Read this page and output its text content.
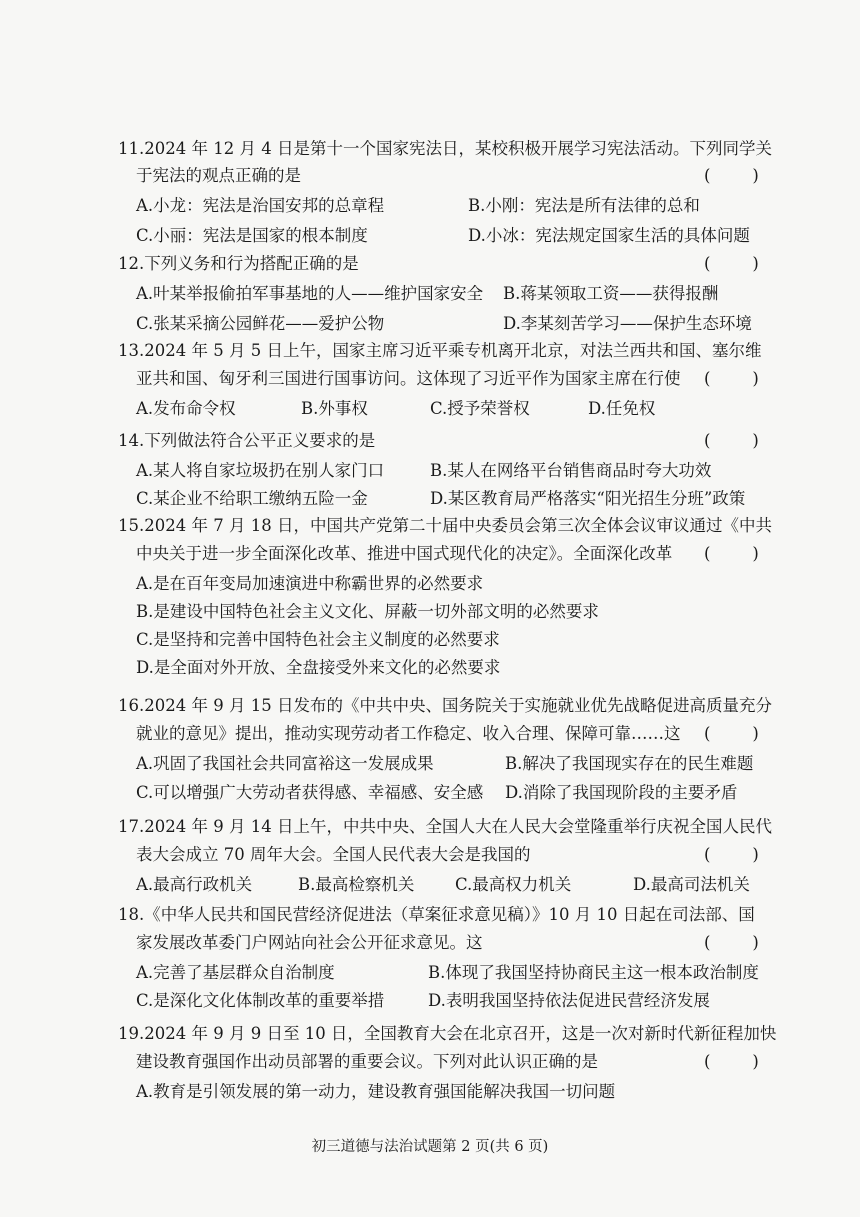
11.2024 年 12 月 4 日是第十一个国家宪法日，某校积极开展学习宪法活动。下列同学关
于宪法的观点正确的是	(        )
A.小龙：宪法是治国安邦的总章程	B.小刚：宪法是所有法律的总和
C.小丽：宪法是国家的根本制度	D.小冰：宪法规定国家生活的具体问题
12.下列义务和行为搭配正确的是	(        )
A.叶某举报偷拍军事基地的人——维护国家安全 B.蒋某领取工资——获得报酬
C.张某采摘公园鲜花——爱护公物	D.李某刻苦学习——保护生态环境
13.2024 年 5 月 5 日上午，国家主席习近平乘专机离开北京，对法兰西共和国、塞尔维
亚共和国、匈牙利三国进行国事访问。这体现了习近平作为国家主席在行使 (        )
A.发布命令权	B.外事权	C.授予荣誉权	D.任免权
14.下列做法符合公平正义要求的是	(        )
A.某人将自家垃圾扔在别人家门口	B.某人在网络平台销售商品时夸大功效
C.某企业不给职工缴纳五险一金	D.某区教育局严格落实“阳光招生分班”政策
15.2024 年 7 月 18 日，中国共产党第二十届中央委员会第三次全体会议审议通过《中共
中央关于进一步全面深化改革、推进中国式现代化的决定》。全面深化改革 (        )
A.是在百年变局加速演进中称霸世界的必然要求
B.是建设中国特色社会主义文化、屏蔽一切外部文明的必然要求
C.是坚持和完善中国特色社会主义制度的必然要求
D.是全面对外开放、全盘接受外来文化的必然要求
16.2024 年 9 月 15 日发布的《中共中央、国务院关于实施就业优先战略促进高质量充分
就业的意见》提出，推动实现劳动者工作稳定、收入合理、保障可靠……这 (        )
A.巩固了我国社会共同富裕这一发展成果	B.解决了我国现实存在的民生难题
C.可以增强广大劳动者获得感、幸福感、安全感 D.消除了我国现阶段的主要矛盾
17.2024 年 9 月 14 日上午，中共中央、全国人大在人民大会堂隆重举行庆祝全国人民代
表大会成立 70 周年大会。全国人民代表大会是我国的	(        )
A.最高行政机关	B.最高检察机关 C.最高权力机关	D.最高司法机关
18.《中华人民共和国民营经济促进法（草案征求意见稿）》10 月 10 日起在司法部、国
家发展改革委门户网站向社会公开征求意见。这	(        )
A.完善了基层群众自治制度	B.体现了我国坚持协商民主这一根本政治制度
C.是深化文化体制改革的重要举措	D.表明我国坚持依法促进民营经济发展
19.2024 年 9 月 9 日至 10 日，全国教育大会在北京召开，这是一次对新时代新征程加快
建设教育强国作出动员部署的重要会议。下列对此认识正确的是	(        )
A.教育是引领发展的第一动力，建设教育强国能解决我国一切问题
初三道德与法治试题第 2 页(共 6 页)
